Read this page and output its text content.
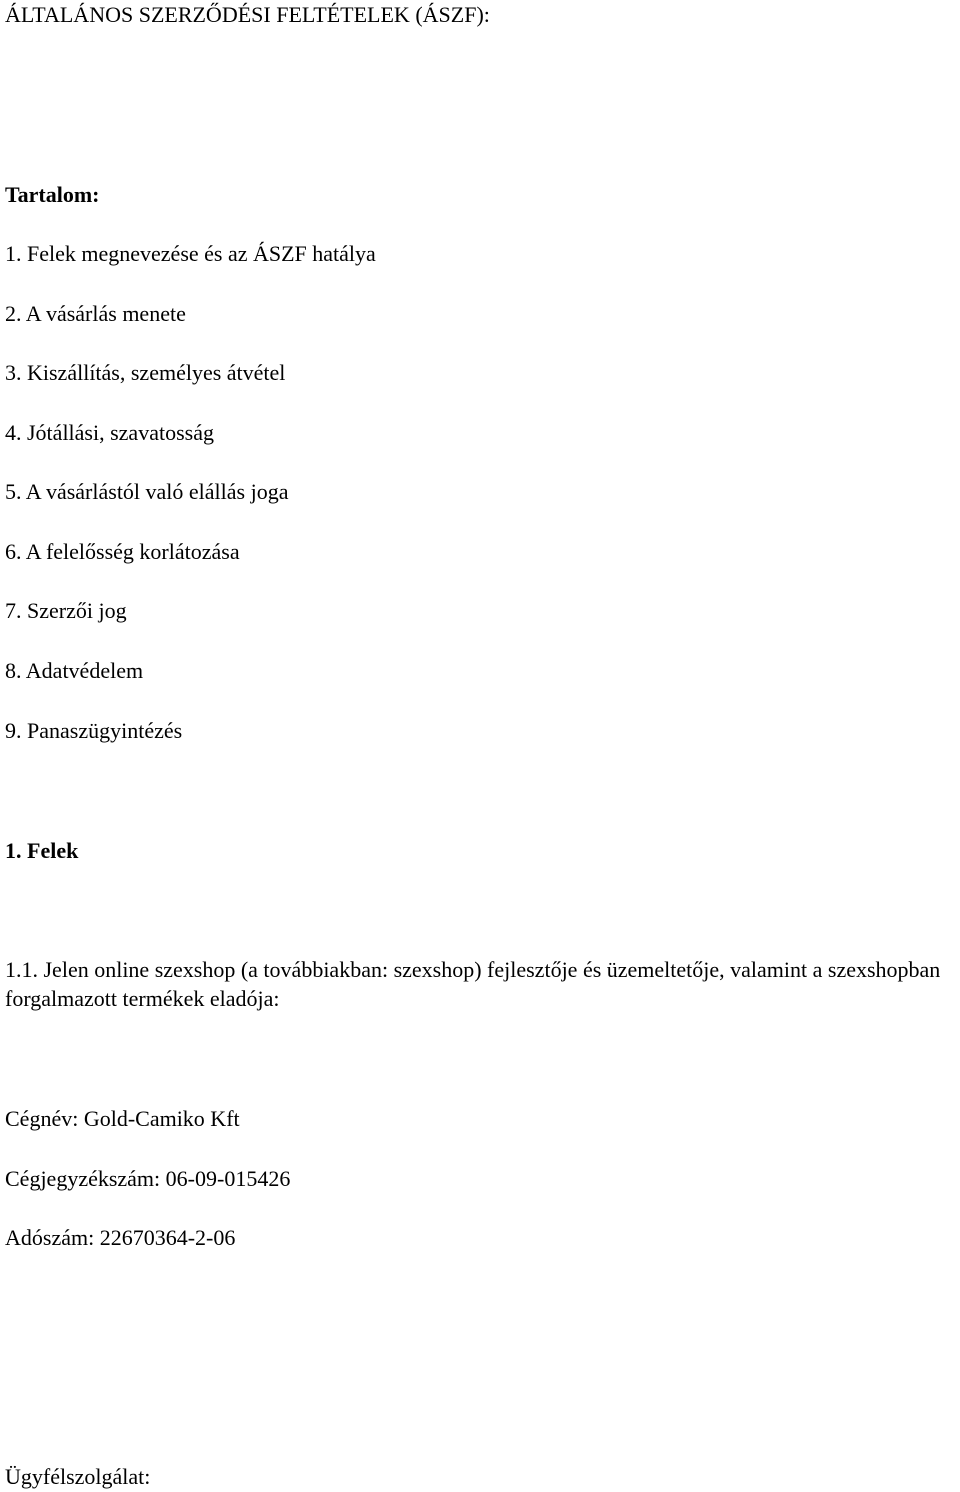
ÁLTALÁNOS SZERZŐDÉSI FELTÉTELEK (ÁSZF):

Tartalom:

1. Felek megnevezése és az ÁSZF hatálya

2. A vásárlás menete

3. Kiszállítás, személyes átvétel

4. Jótállási, szavatosság

5. A vásárlástól való elállás joga

6. A felelősség korlátozása

7. Szerzői jog

8. Adatvédelem

9. Panaszügyintézés

1. Felek

1.1. Jelen online szexshop (a továbbiakban: szexshop) fejlesztője és üzemeltetője, valamint a szexshopban forgalmazott termékek eladója:

Cégnév: Gold-Camiko Kft

Cégjegyzékszám: 06-09-015426

Adószám: 22670364-2-06

Ügyfélszolgálat:
